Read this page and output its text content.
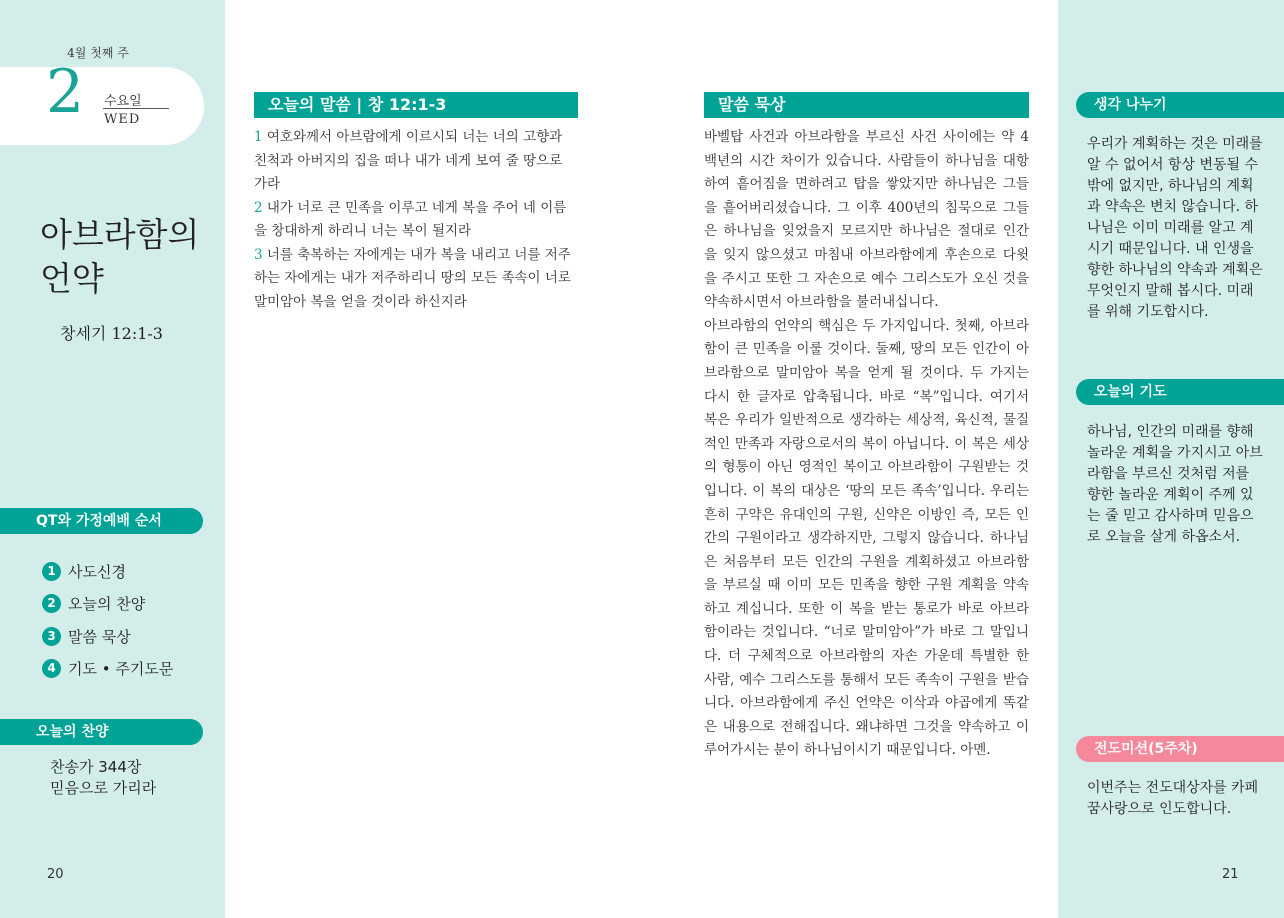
4월 첫째 주
2 수요일
WED
아브라함의
언약
창세기 12:1-3
QT와 가정예배 순서
1 사도신경
2 오늘의 찬양
3 말씀 묵상
4 기도 • 주기도문
오늘의 찬양
찬송가 344장
믿음으로 가리라
20
오늘의 말씀 | 창 12:1-3
1 여호와께서 아브람에게 이르시되 너는 너의 고향과 친척과 아버지의 집을 떠나 내가 네게 보여 줄 땅으로 가라
2 내가 너로 큰 민족을 이루고 네게 복을 주어 네 이름을 창대하게 하리니 너는 복이 될지라
3 너를 축복하는 자에게는 내가 복을 내리고 너를 저주하는 자에게는 내가 저주하리니 땅의 모든 족속이 너로 말미암아 복을 얻을 것이라 하신지라
말씀 묵상

바벨탑 사건과 아브라함을 부르신 사건 사이에는 약 4백년의 시간 차이가 있습니다. 사람들이 하나님을 대항하여 흩어짐을 면하려고 탑을 쌓았지만 하나님은 그들을 흩어버리셨습니다. 그 이후 400년의 침묵으로 그들은 하나님을 잊었을지 모르지만 하나님은 절대로 인간을 잊지 않으셨고 마침내 아브라함에게 후손으로 다윗을 주시고 또한 그 자손으로 예수 그리스도가 오신 것을 약속하시면서 아브라함을 불러내십니다.

아브라함의 언약의 핵심은 두 가지입니다. 첫째, 아브라함이 큰 민족을 이룰 것이다. 둘째, 땅의 모든 인간이 아브라함으로 말미암아 복을 얻게 될 것이다. 두 가지는 다시 한 글자로 압축됩니다. 바로 “복”입니다. 여기서 복은 우리가 일반적으로 생각하는 세상적, 육신적, 물질적인 만족과 자랑으로서의 복이 아닙니다. 이 복은 세상의 형통이 아닌 영적인 복이고 아브라함이 구원받는 것입니다. 이 복의 대상은 ‘땅의 모든 족속’입니다. 우리는 흔히 구약은 유대인의 구원, 신약은 이방인 즉, 모든 인간의 구원이라고 생각하지만, 그렇지 않습니다. 하나님은 처음부터 모든 인간의 구원을 계획하셨고 아브라함을 부르실 때 이미 모든 민족을 향한 구원 계획을 약속하고 계십니다. 또한 이 복을 받는 통로가 바로 아브라함이라는 것입니다. “너로 말미암아”가 바로 그 말입니다. 더 구체적으로 아브라함의 자손 가운데 특별한 한 사람, 예수 그리스도를 통해서 모든 족속이 구원을 받습니다. 아브라함에게 주신 언약은 이삭과 야곱에게 똑같은 내용으로 전해집니다. 왜냐하면 그것을 약속하고 이루어가시는 분이 하나님이시기 때문입니다. 아멘.

생각 나누기
우리가 계획하는 것은 미래를 알 수 없어서 항상 변동될 수밖에 없지만, 하나님의 계획과 약속은 변치 않습니다. 하나님은 이미 미래를 알고 계시기 때문입니다. 내 인생을 향한 하나님의 약속과 계획은 무엇인지 말해 봅시다. 미래를 위해 기도합시다.
오늘의 기도
하나님, 인간의 미래를 향해 놀라운 계획을 가지시고 아브라함을 부르신 것처럼 저를 향한 놀라운 계획이 주께 있는 줄 믿고 감사하며 믿음으로 오늘을 살게 하옵소서.
전도미션(5주차)
이번주는 전도대상자를 카페꿈사랑으로 인도합니다.
21
